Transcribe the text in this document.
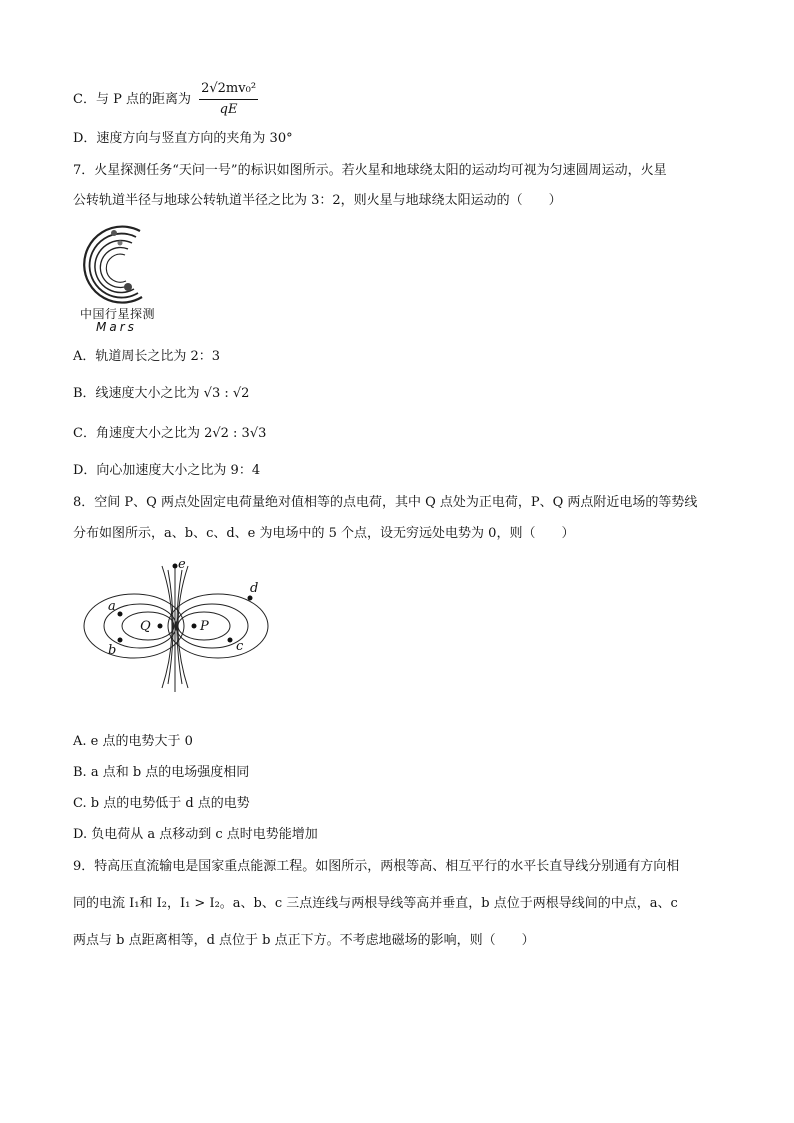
C．与 P 点的距离为 $\frac{\text{2√2mv₀²}}{qE}$
D．速度方向与竖直方向的夹角为 30°
7．火星探测任务“天问一号”的标识如图所示。若火星和地球绕太阳的运动均可视为匀速圆周运动，火星
公转轨道半径与地球公转轨道半径之比为 3：2，则火星与地球绕太阳运动的（　　）
中国行星探测
Mars
A．轨道周长之比为 2：3
B．线速度大小之比为 √3 : √2
C．角速度大小之比为 2√2 : 3√3
D．向心加速度大小之比为 9：4
8．空间 P、Q 两点处固定电荷量绝对值相等的点电荷，其中 Q 点处为正电荷，P、Q 两点附近电场的等势线
分布如图所示，a、b、c、d、e 为电场中的 5 个点，设无穷远处电势为 0，则（　　）
e
d
a
Q	P
b	c
A. e 点的电势大于 0
B. a 点和 b 点的电场强度相同
C. b 点的电势低于 d 点的电势
D. 负电荷从 a 点移动到 c 点时电势能增加
9．特高压直流输电是国家重点能源工程。如图所示，两根等高、相互平行的水平长直导线分别通有方向相
同的电流 I₁和 I₂，I₁ > I₂。a、b、c 三点连线与两根导线等高并垂直，b 点位于两根导线间的中点，a、c
两点与 b 点距离相等，d 点位于 b 点正下方。不考虑地磁场的影响，则（　　）
